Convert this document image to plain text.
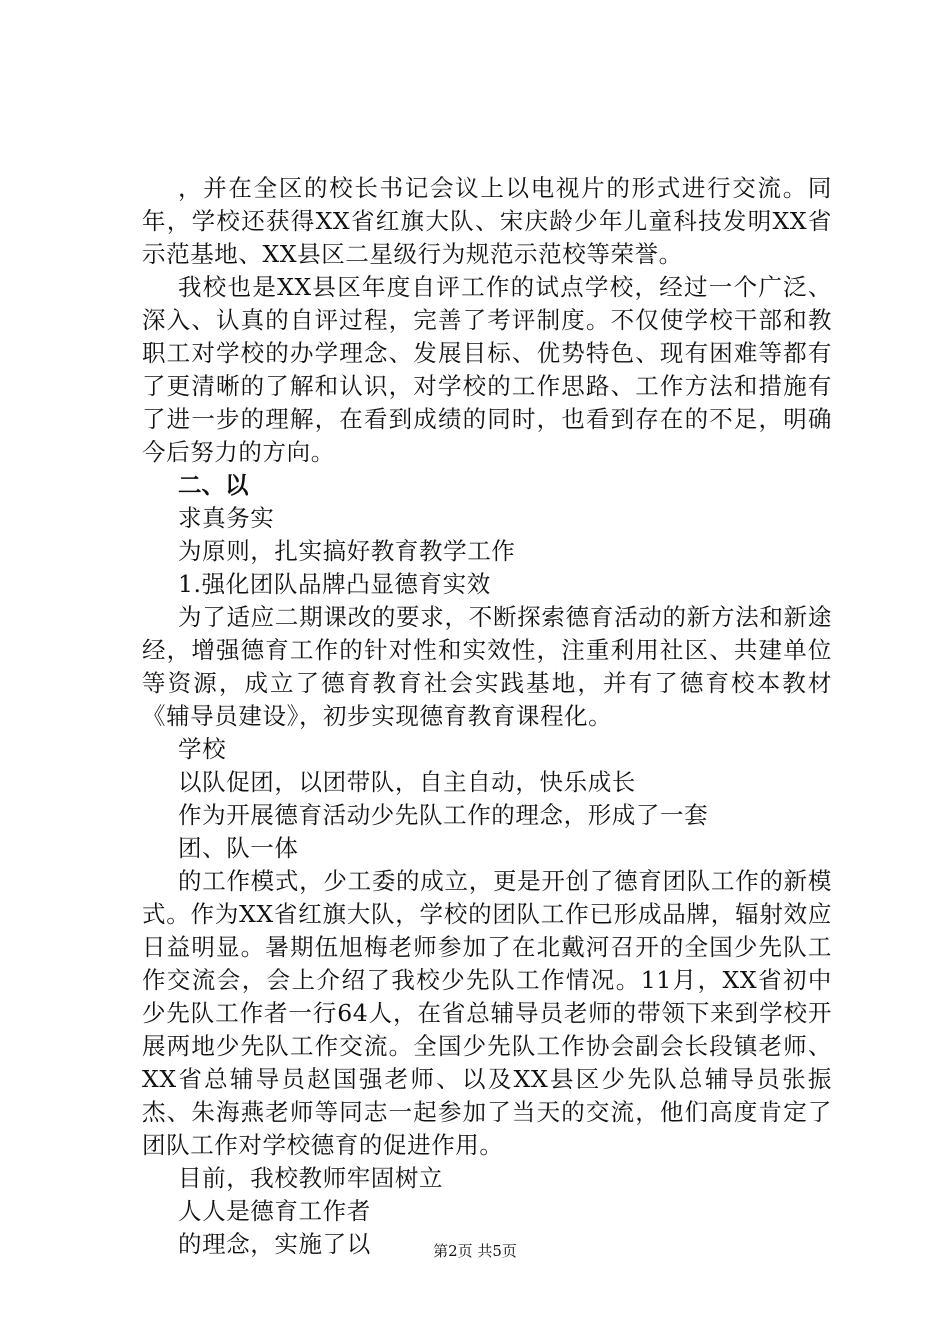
，并在全区的校长书记会议上以电视片的形式进行交流。同年，学校还获得XX省红旗大队、宋庆龄少年儿童科技发明XX省示范基地、XX县区二星级行为规范示范校等荣誉。

我校也是XX县区年度自评工作的试点学校，经过一个广泛、深入、认真的自评过程，完善了考评制度。不仅使学校干部和教职工对学校的办学理念、发展目标、优势特色、现有困难等都有了更清晰的了解和认识，对学校的工作思路、工作方法和措施有了进一步的理解，在看到成绩的同时，也看到存在的不足，明确今后努力的方向。

二、以

求真务实

为原则，扎实搞好教育教学工作

1.强化团队品牌凸显德育实效

为了适应二期课改的要求，不断探索德育活动的新方法和新途经，增强德育工作的针对性和实效性，注重利用社区、共建单位等资源，成立了德育教育社会实践基地，并有了德育校本教材《辅导员建设》，初步实现德育教育课程化。

学校

以队促团，以团带队，自主自动，快乐成长

作为开展德育活动少先队工作的理念，形成了一套

团、队一体

的工作模式，少工委的成立，更是开创了德育团队工作的新模式。作为XX省红旗大队，学校的团队工作已形成品牌，辐射效应日益明显。暑期伍旭梅老师参加了在北戴河召开的全国少先队工作交流会，会上介绍了我校少先队工作情况。11月，XX省初中少先队工作者一行64人，在省总辅导员老师的带领下来到学校开展两地少先队工作交流。全国少先队工作协会副会长段镇老师、XX省总辅导员赵国强老师、以及XX县区少先队总辅导员张振杰、朱海燕老师等同志一起参加了当天的交流，他们高度肯定了团队工作对学校德育的促进作用。

目前，我校教师牢固树立

人人是德育工作者

的理念，实施了以	第2页 共5页
